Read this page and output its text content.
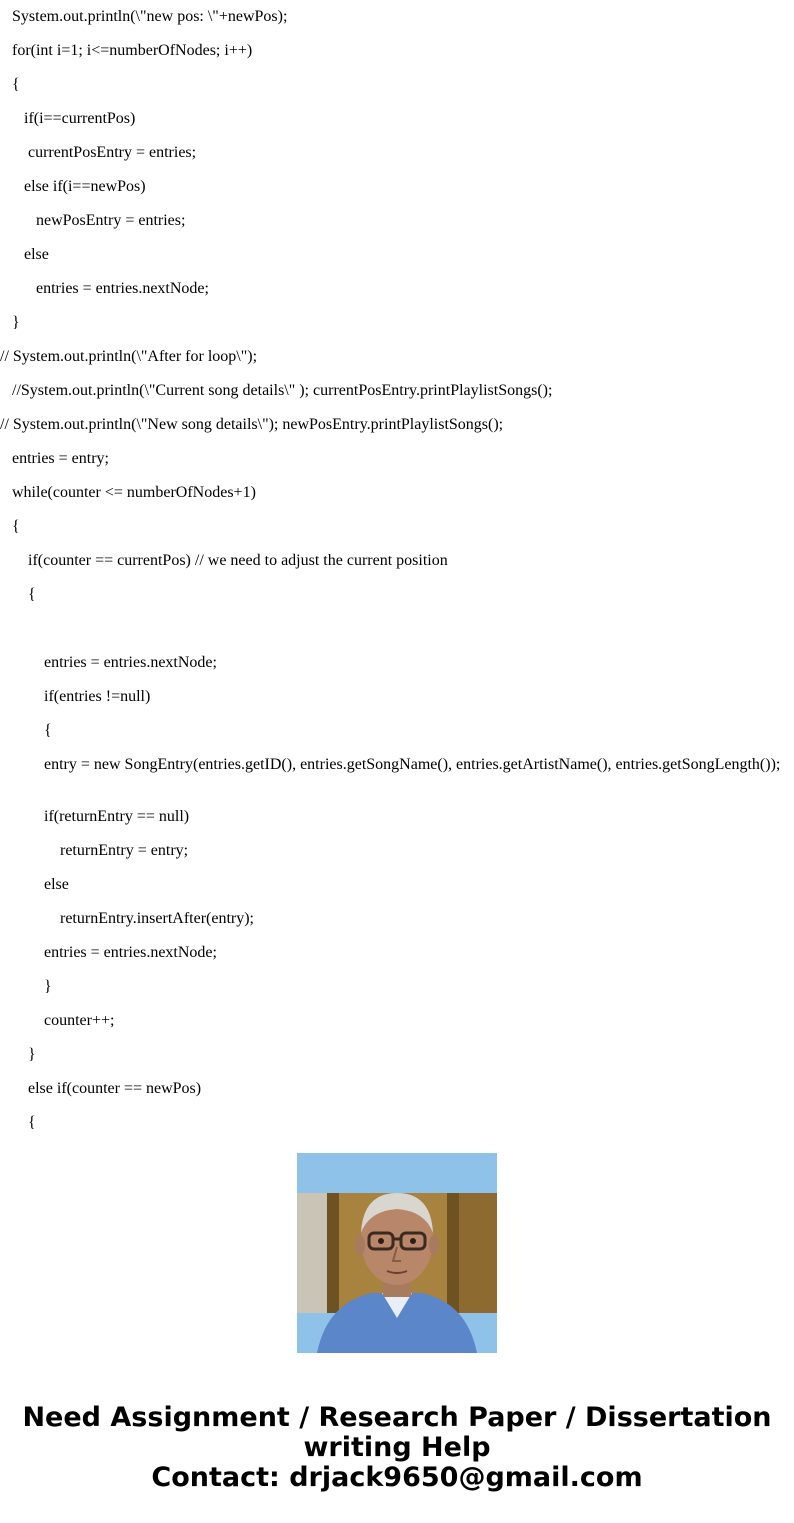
System.out.println(\"new pos: \"+newPos);
for(int i=1; i<=numberOfNodes; i++)
{
if(i==currentPos)
currentPosEntry = entries;
else if(i==newPos)
newPosEntry = entries;
else
entries = entries.nextNode;
}
// System.out.println(\"After for loop\");
//System.out.println(\"Current song details\" ); currentPosEntry.printPlaylistSongs();
// System.out.println(\"New song details\"); newPosEntry.printPlaylistSongs();
entries = entry;
while(counter <= numberOfNodes+1)
{
if(counter == currentPos) // we need to adjust the current position
{
entries = entries.nextNode;
if(entries !=null)
{
entry = new SongEntry(entries.getID(), entries.getSongName(), entries.getArtistName(), entries.getSongLength());
if(returnEntry == null)
returnEntry = entry;
else
returnEntry.insertAfter(entry);
entries = entries.nextNode;
}
counter++;
}
else if(counter == newPos)
{
Need Assignment / Research Paper / Dissertation
writing Help
Contact: drjack9650@gmail.com
